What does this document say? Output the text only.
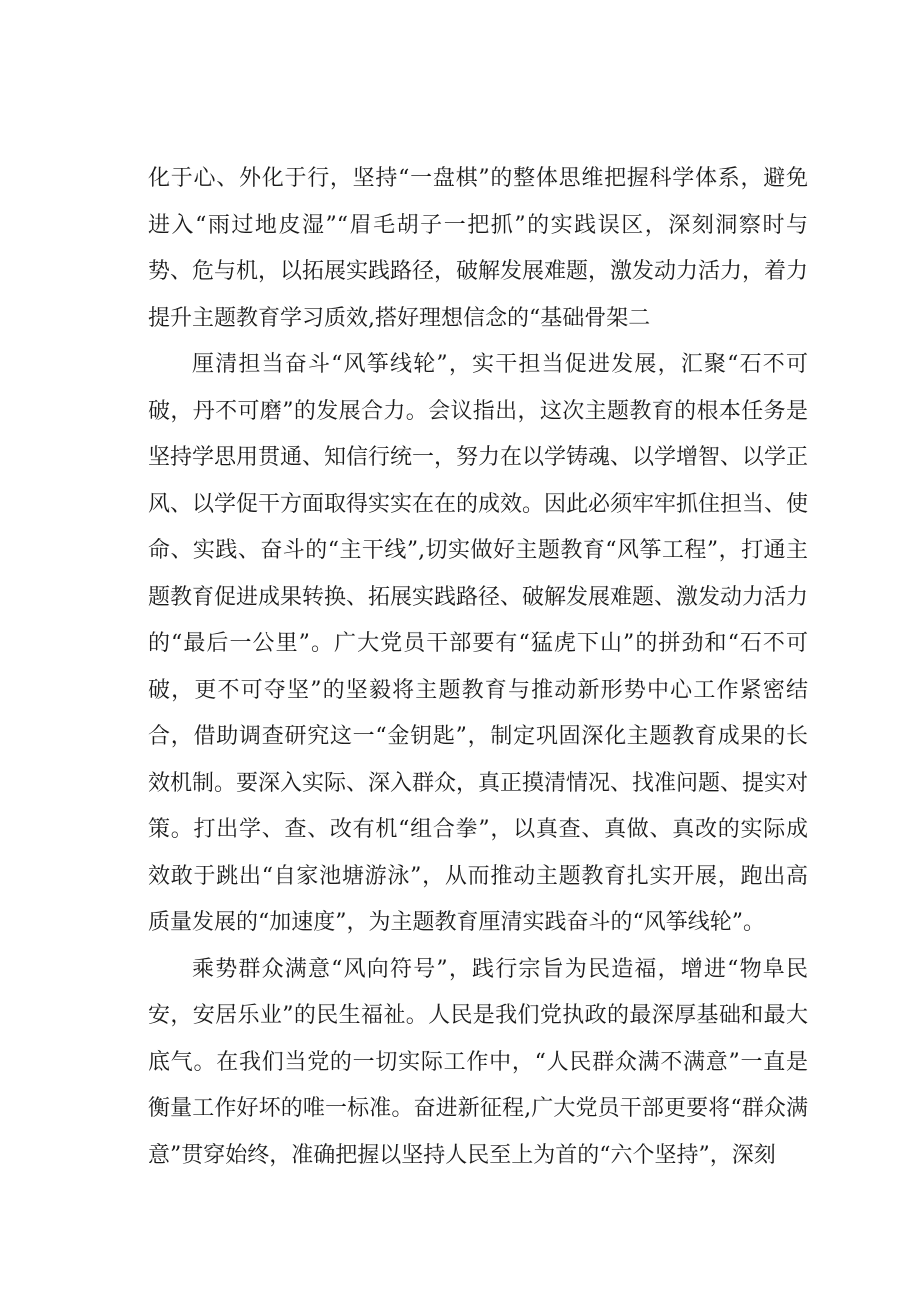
化于心、外化于行，坚持“一盘棋”的整体思维把握科学体系，避免进入“雨过地皮湿”“眉毛胡子一把抓”的实践误区，深刻洞察时与势、危与机，以拓展实践路径，破解发展难题，激发动力活力，着力提升主题教育学习质效,搭好理想信念的“基础骨架二

厘清担当奋斗“风筝线轮”，实干担当促进发展，汇聚“石不可破，丹不可磨”的发展合力。会议指出，这次主题教育的根本任务是坚持学思用贯通、知信行统一，努力在以学铸魂、以学增智、以学正风、以学促干方面取得实实在在的成效。因此必须牢牢抓住担当、使命、实践、奋斗的“主干线”,切实做好主题教育“风筝工程”，打通主题教育促进成果转换、拓展实践路径、破解发展难题、激发动力活力的“最后一公里”。广大党员干部要有“猛虎下山”的拼劲和“石不可破，更不可夺坚”的坚毅将主题教育与推动新形势中心工作紧密结合，借助调查研究这一“金钥匙”，制定巩固深化主题教育成果的长效机制。要深入实际、深入群众，真正摸清情况、找准问题、提实对策。打出学、查、改有机“组合拳”，以真查、真做、真改的实际成效敢于跳出“自家池塘游泳”，从而推动主题教育扎实开展，跑出高质量发展的“加速度”，为主题教育厘清实践奋斗的“风筝线轮”。

乘势群众满意“风向符号”，践行宗旨为民造福，增进“物阜民安，安居乐业”的民生福祉。人民是我们党执政的最深厚基础和最大底气。在我们当党的一切实际工作中，“人民群众满不满意”一直是衡量工作好坏的唯一标准。奋进新征程,广大党员干部更要将“群众满意”贯穿始终，准确把握以坚持人民至上为首的“六个坚持”，深刻
